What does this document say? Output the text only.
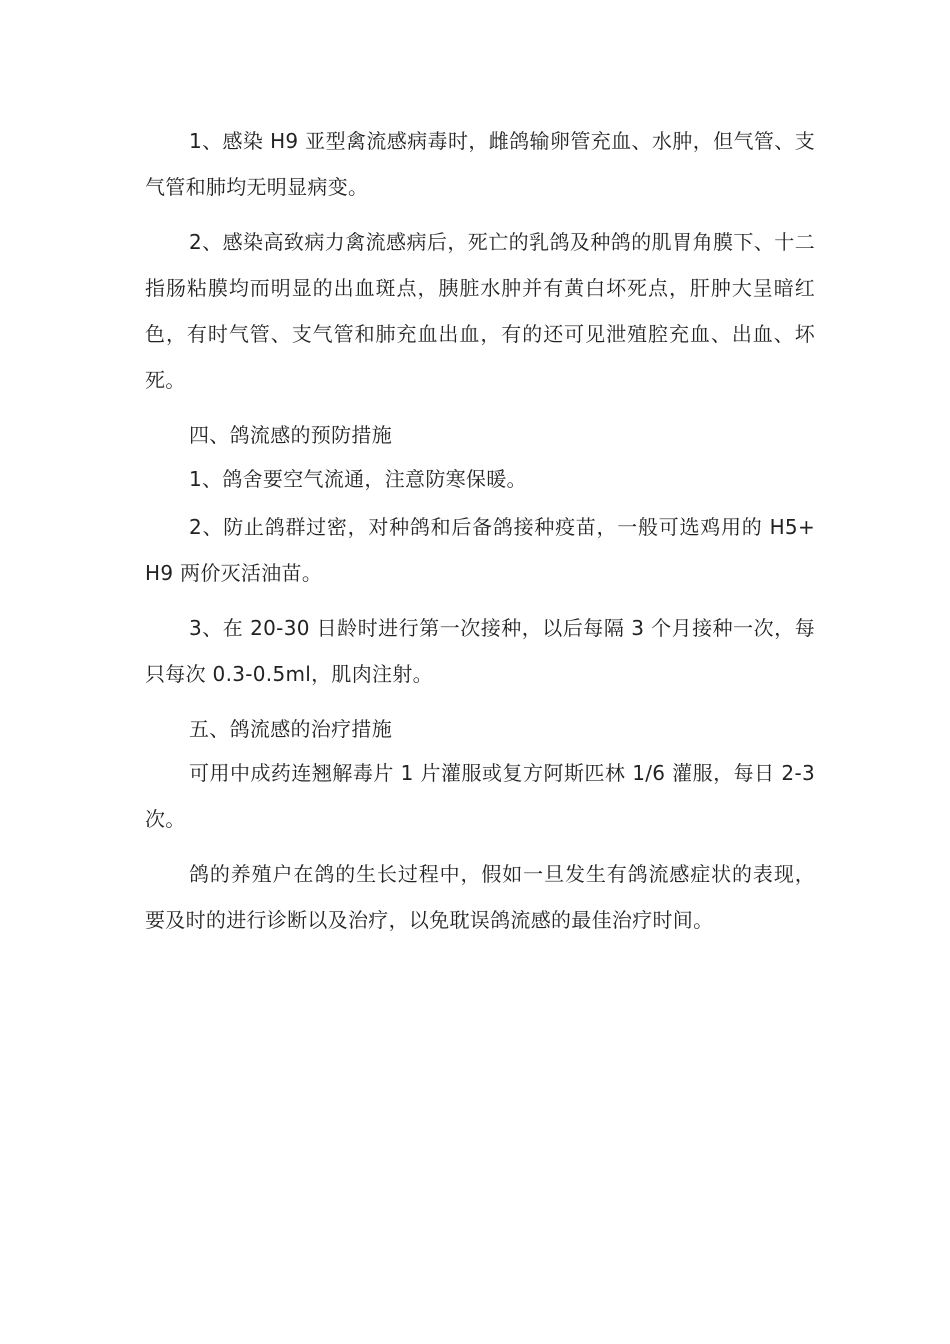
1、感染 H9 亚型禽流感病毒时，雌鸽输卵管充血、水肿，但气管、支气管和肺均无明显病变。

2、感染高致病力禽流感病后，死亡的乳鸽及种鸽的肌胃角膜下、十二指肠粘膜均而明显的出血斑点，胰脏水肿并有黄白坏死点，肝肿大呈暗红色，有时气管、支气管和肺充血出血，有的还可见泄殖腔充血、出血、坏死。

四、鸽流感的预防措施

1、鸽舍要空气流通，注意防寒保暖。

2、防止鸽群过密，对种鸽和后备鸽接种疫苗，一般可选鸡用的 H5+H9 两价灭活油苗。

3、在 20-30 日龄时进行第一次接种，以后每隔 3 个月接种一次，每只每次 0.3-0.5ml，肌肉注射。

五、鸽流感的治疗措施

可用中成药连翘解毒片 1 片灌服或复方阿斯匹林 1/6 灌服，每日 2-3 次。

鸽的养殖户在鸽的生长过程中，假如一旦发生有鸽流感症状的表现，要及时的进行诊断以及治疗，以免耽误鸽流感的最佳治疗时间。
